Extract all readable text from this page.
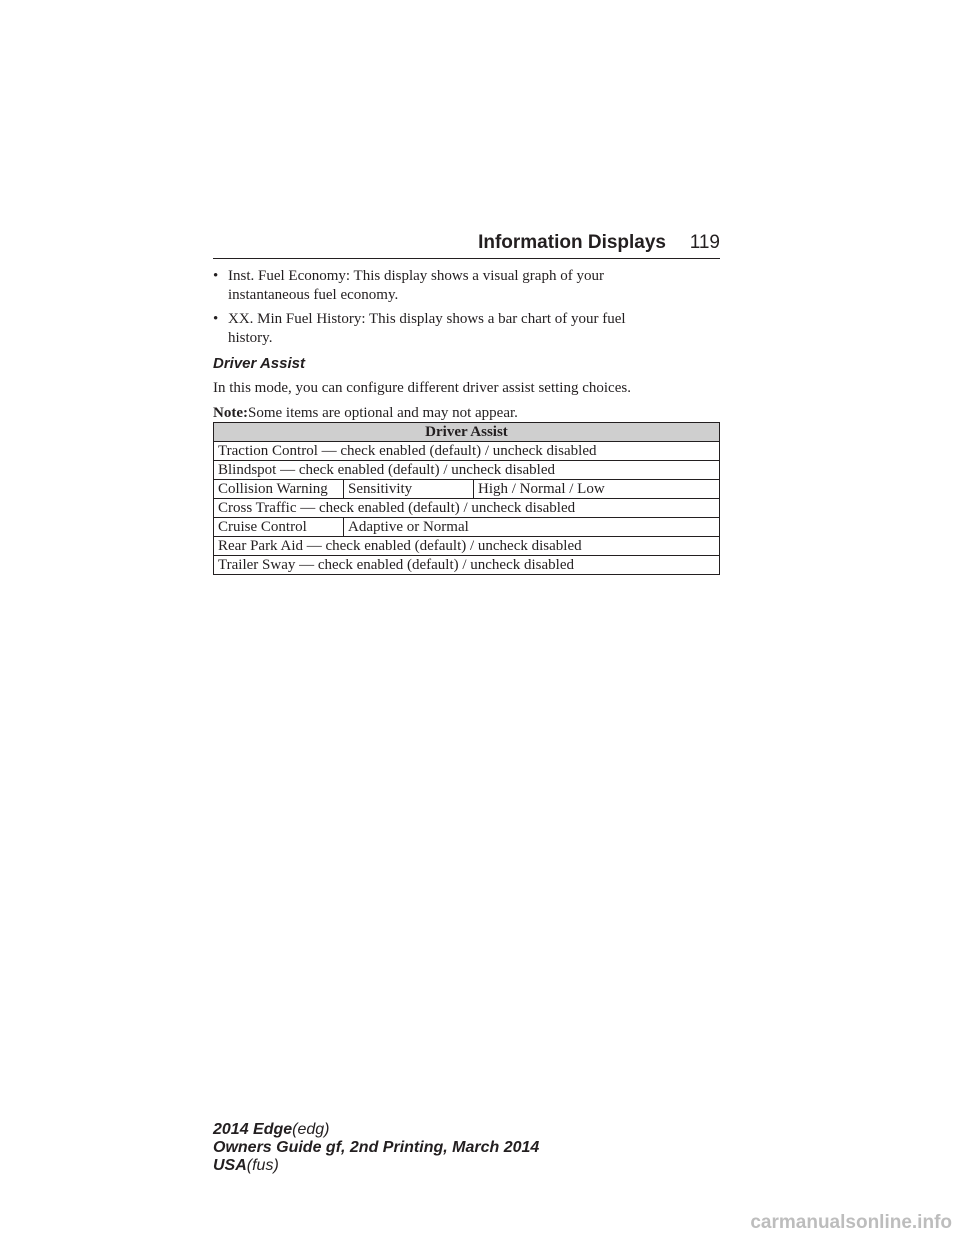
Information Displays 119
• Inst. Fuel Economy: This display shows a visual graph of your
instantaneous fuel economy.
• XX. Min Fuel History: This display shows a bar chart of your fuel
history.
Driver Assist
In this mode, you can configure different driver assist setting choices.
Note:Some items are optional and may not appear.
Driver Assist		
Traction Control — check enabled (default) / uncheck disabled		
Blindspot — check enabled (default) / uncheck disabled		
Collision Warning	Sensitivity	High / Normal / Low
Cross Traffic — check enabled (default) / uncheck disabled		
Cruise Control	Adaptive or Normal	
Rear Park Aid — check enabled (default) / uncheck disabled		
Trailer Sway — check enabled (default) / uncheck disabled		
2014 Edge(edg)
Owners Guide gf, 2nd Printing, March 2014
USA(fus)
carmanualsonline.info
